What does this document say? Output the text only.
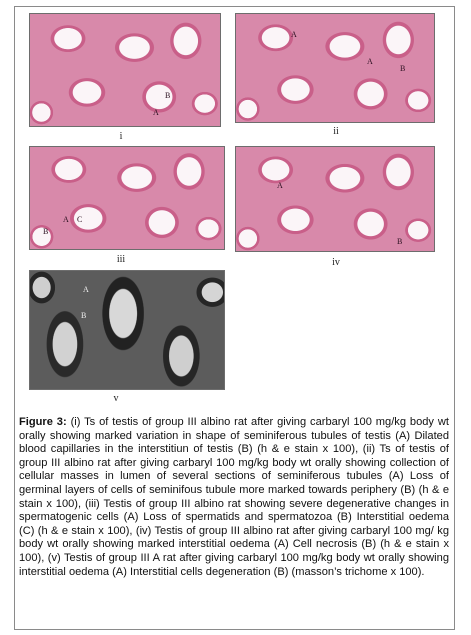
B
A
i
A
A
B
ii
A C
B
iii
A
B
iv
A
B
v
Figure 3: (i) Ts of testis of group III albino rat after giving carbaryl 100 mg/kg body wt orally showing marked variation in shape of seminiferous tubules of testis (A) Dilated blood capillaries in the interstitiun of testis (B) (h & e stain x 100), (ii) Ts of testis of group III albino rat after giving carbaryl 100 mg/kg body wt orally showing collection of cellular masses in lumen of several sections of seminiferous tubules (A) Loss of germinal layers of cells of seminifous tubule more marked towards periphery (B) (h & e stain x 100), (iii) Testis of group III albino rat showing severe degenerative changes in spermatogenic cells (A) Loss of spermatids and spermatozoa (B) Interstitial oedema (C) (h & e stain x 100), (iv) Testis of group III albino rat after giving carbaryl 100 mg/ kg body wt orally showing marked interstitial oedema (A) Cell necrosis (B) (h & e stain x 100), (v) Testis of group III A rat after giving carbaryl 100 mg/kg body wt orally showing interstitial oedema (A) Interstitial cells degeneration (B) (masson’s trichome x 100).
